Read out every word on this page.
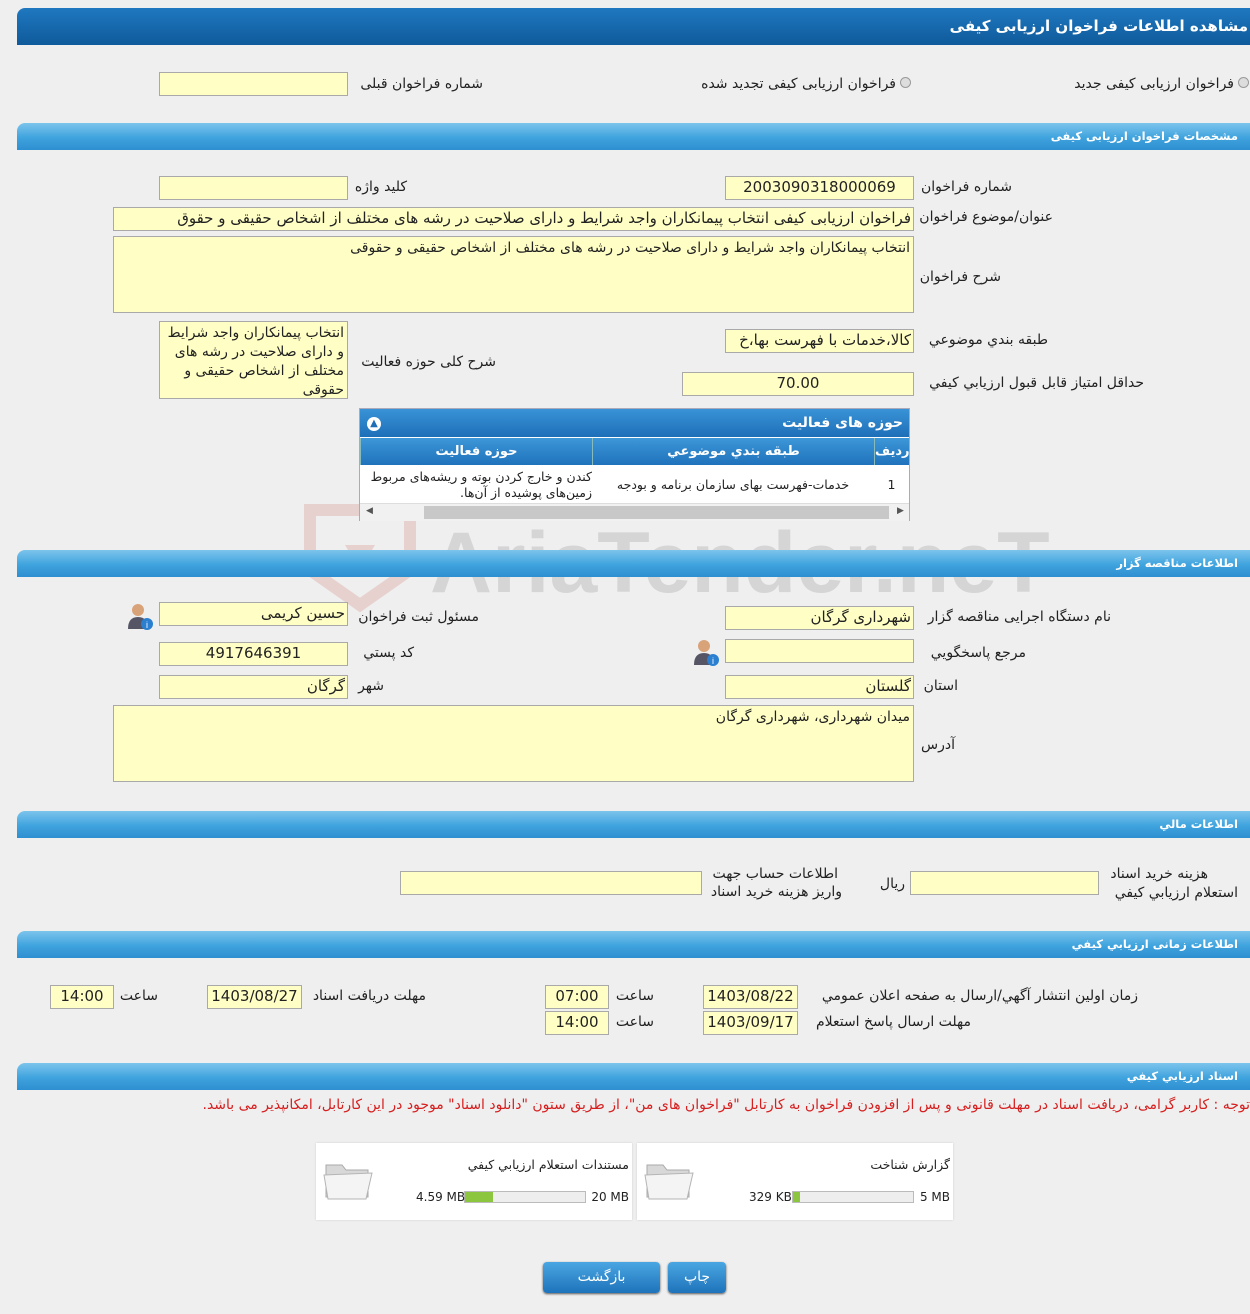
مشاهده اطلاعات فراخوان ارزیابی کیفی
فراخوان ارزیابی کیفی جدید
فراخوان ارزیابی کیفی تجدید شده
شماره فراخوان قبلی
مشخصات فراخوان ارزیابی کیفی
شماره فراخوان
2003090318000069
کلید واژه
عنوان/موضوع فراخوان
فراخوان ارزیابی کیفی انتخاب پیمانکاران واجد شرایط و دارای صلاحیت در رشه های مختلف از اشخاص حقیقی و حقوق
شرح فراخوان
انتخاب پیمانکاران واجد شرایط و دارای صلاحیت در رشه های مختلف از اشخاص حقیقی و حقوقی
طبقه بندي موضوعي
کالا،خدمات با فهرست بها،خ
شرح کلی حوزه فعالیت
انتخاب پیمانکاران واجد شرایط و دارای صلاحیت در رشه های مختلف از اشخاص حقیقی و حقوقی	حداقل امتیاز قابل قبول ارزيابي کيفي
70.00
حوزه های فعالیت
▲
ردیف
طبقه بندي موضوعي
حوزه فعالیت
1
خدمات-فهرست بهای سازمان برنامه و بودجه
کندن و خارج کردن بوته و ریشه‌های مربوط زمین‌های پوشیده از آن‌ها.
◀	▶
اطلاعات مناقصه گزار
نام دستگاه اجرایی مناقصه گزار
شهرداری گرگان
مسئول ثبت فراخوان
حسین کریمی
i
مرجع پاسخگويي
i
کد پستي
4917646391
استان
گلستان
شهر
گرگان
آدرس
میدان شهرداری، شهرداری گرگان
اطلاعات مالي
هزینه خرید اسناد
استعلام ارزيابي کيفي
ریال
اطلاعات حساب جهت
واریز هزینه خرید اسناد
اطلاعات زمانی ارزيابي کيفي
زمان اولین انتشار آگهي/ارسال به صفحه اعلان عمومي
1403/08/22
ساعت
07:00
مهلت دریافت اسناد
1403/08/27
ساعت
14:00
مهلت ارسال پاسخ استعلام
1403/09/17
ساعت
14:00
اسناد ارزيابي کيفي
توجه : کاربر گرامی، دریافت اسناد در مهلت قانونی و پس از افزودن فراخوان به کارتابل "فراخوان های من"، از طریق ستون "دانلود اسناد" موجود در این کارتابل، امکانپذیر می باشد.
گزارش شناخت
5 MB
329 KB
مستندات استعلام ارزيابي کيفي
20 MB
4.59 MB
چاپ
بازگشت
